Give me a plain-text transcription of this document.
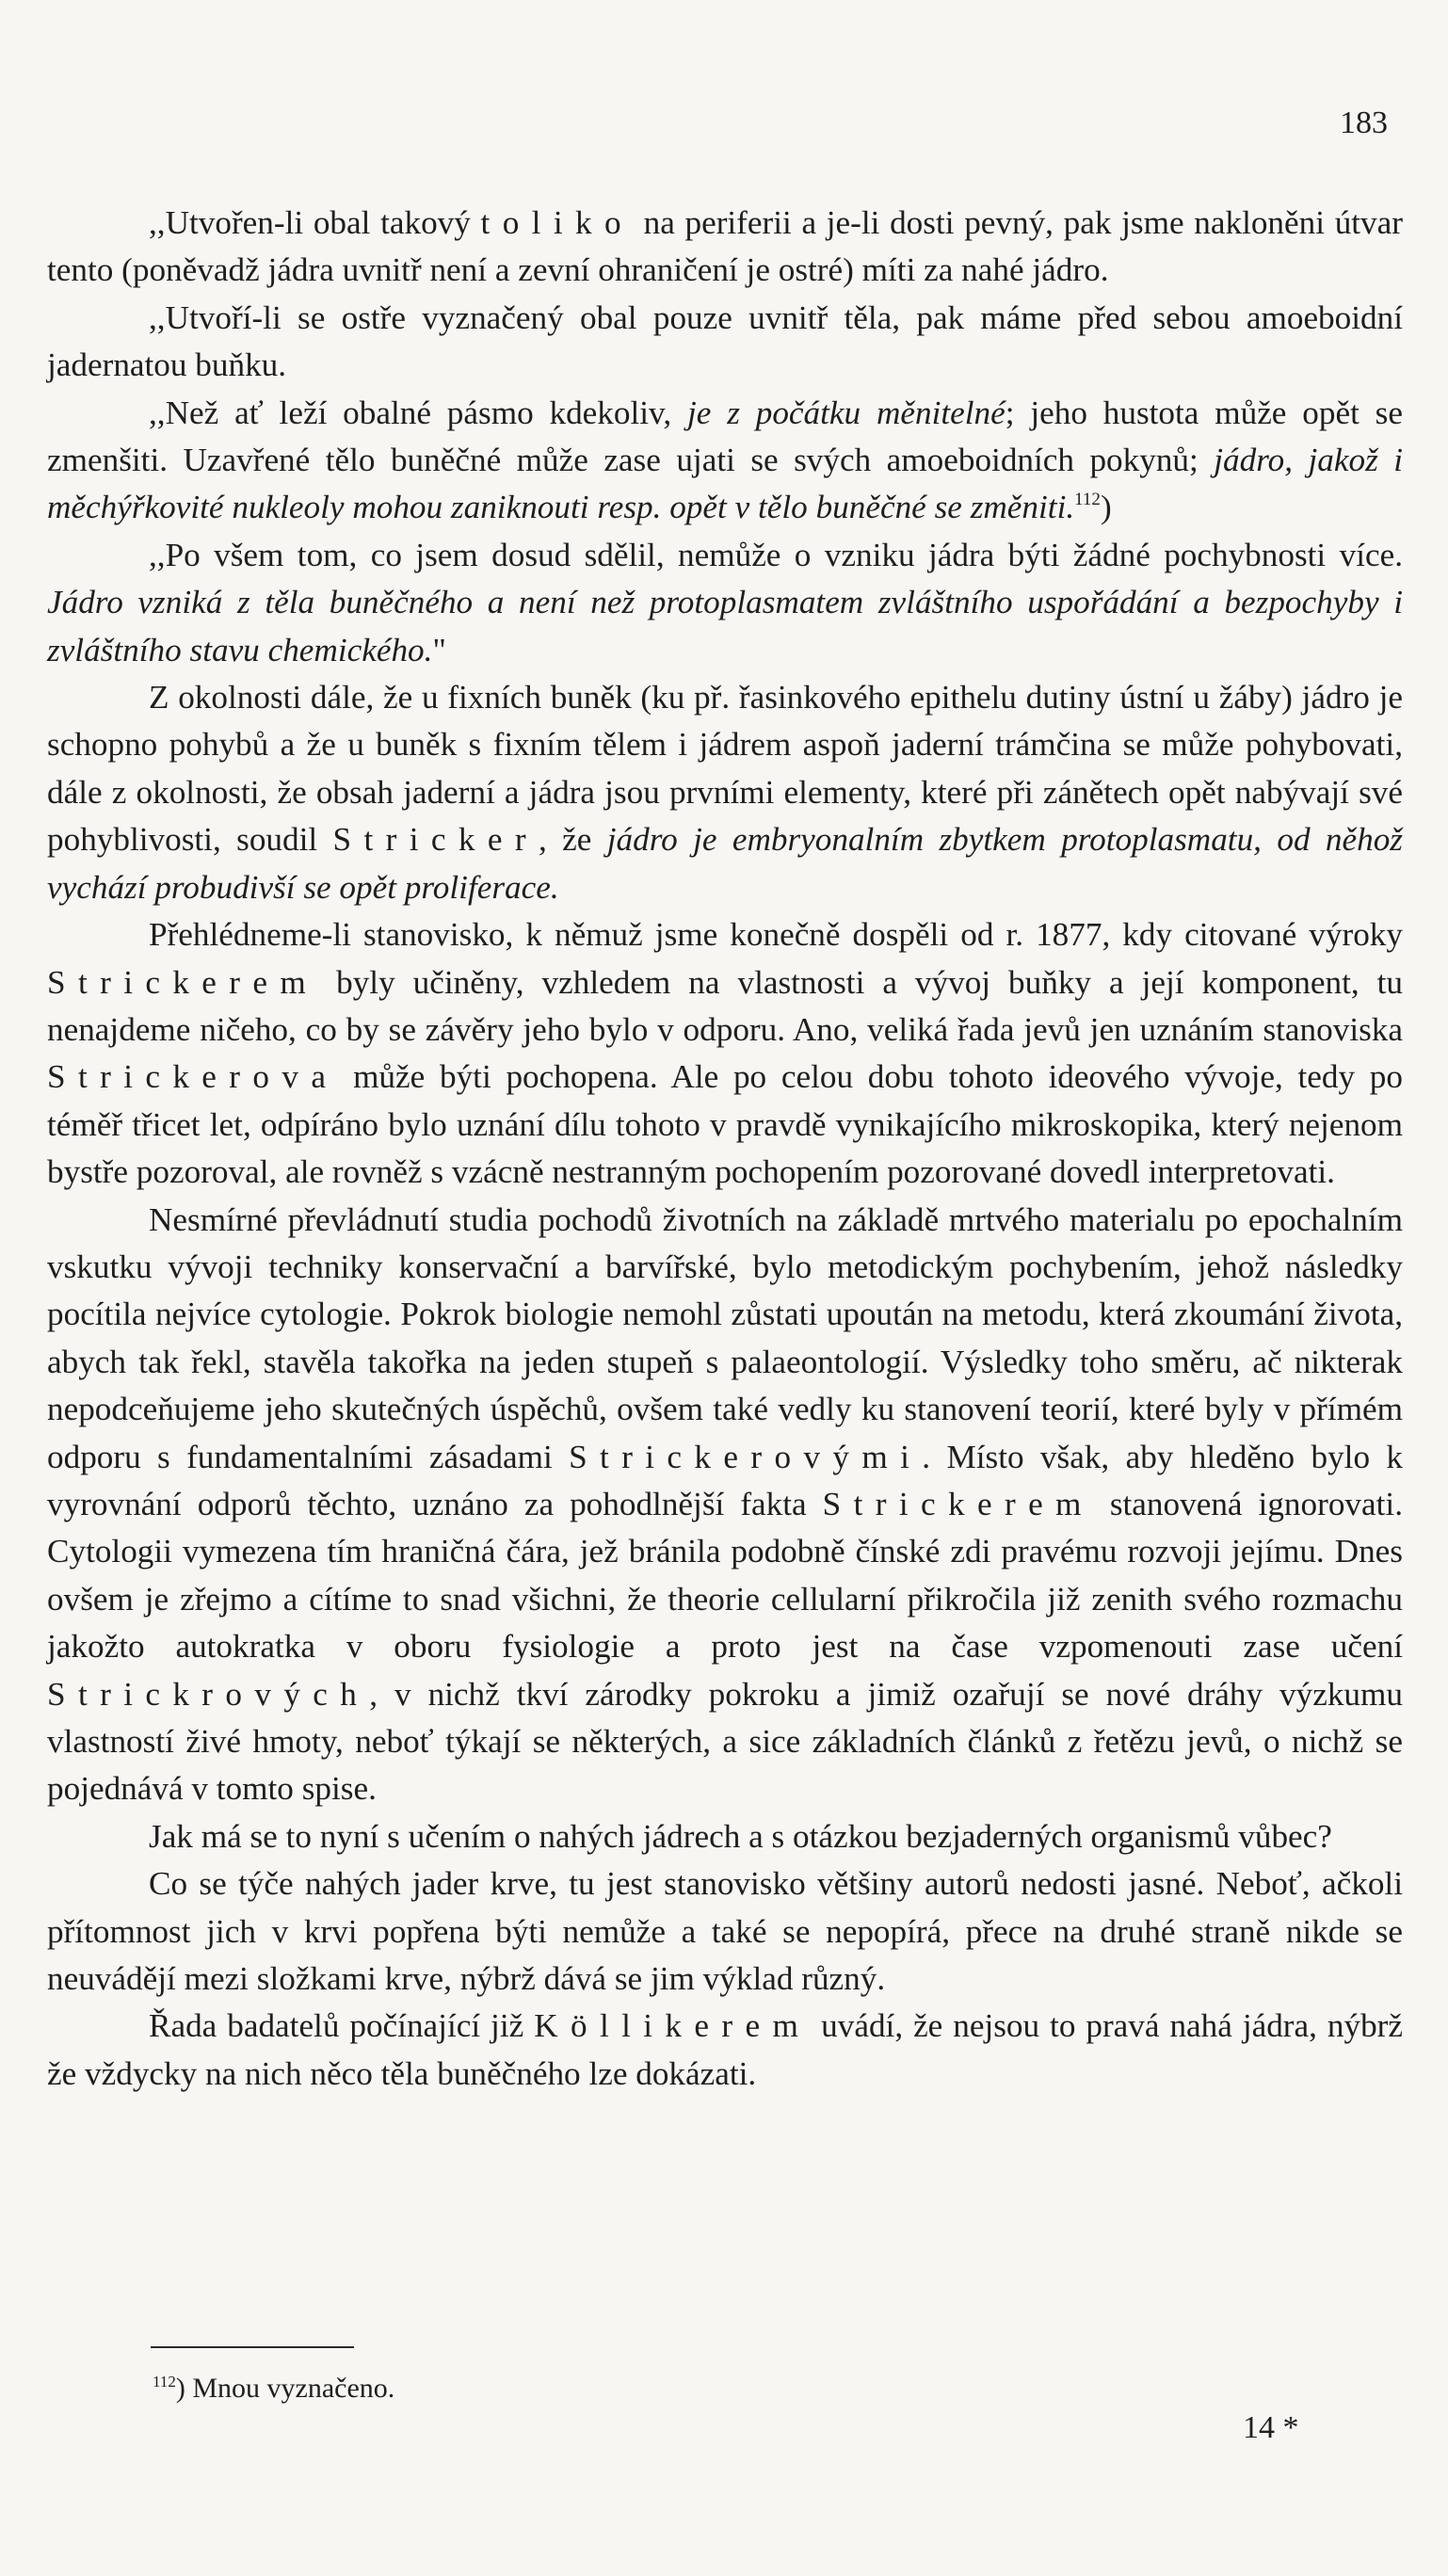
183

,,Utvořen-li obal takový toliko na periferii a je-li dosti pevný, pak jsme nakloněni útvar tento (poněvadž jádra uvnitř není a zevní ohraničení je ostré) míti za nahé jádro.

,,Utvoří-li se ostře vyznačený obal pouze uvnitř těla, pak máme před sebou amoeboidní jadernatou buňku.

,,Než ať leží obalné pásmo kdekoliv, je z počátku měnitelné; jeho hustota může opět se zmenšiti. Uzavřené tělo buněčné může zase ujati se svých amoeboidních pokynů; jádro, jakož i měchýřkovité nukleoly mohou zaniknouti resp. opět v tělo buněčné se změniti.$^{112}$)

,,Po všem tom, co jsem dosud sdělil, nemůže o vzniku jádra býti žádné pochybnosti více. Jádro vzniká z těla buněčného a není než protoplasmatem zvláštního uspořádání a bezpochyby i zvláštního stavu chemického."

Z okolnosti dále, že u fixních buněk (ku př. řasinkového epithelu dutiny ústní u žáby) jádro je schopno pohybů a že u buněk s fixním tělem i jádrem aspoň jaderní trámčina se může pohybovati, dále z okolnosti, že obsah jaderní a jádra jsou prvními elementy, které při zánětech opět nabývají své pohyblivosti, soudil Stricker, že jádro je embryonalním zbytkem protoplasmatu, od něhož vychází probudivší se opět proliferace.

Přehlédneme-li stanovisko, k němuž jsme konečně dospěli od r. 1877, kdy citované výroky Strickerem byly učiněny, vzhledem na vlastnosti a vývoj buňky a její komponent, tu nenajdeme ničeho, co by se závěry jeho bylo v odporu. Ano, veliká řada jevů jen uznáním stanoviska Strickerova může býti pochopena. Ale po celou dobu tohoto ideového vývoje, tedy po téměř třicet let, odpíráno bylo uznání dílu tohoto v pravdě vynikajícího mikroskopika, který nejenom bystře pozoroval, ale rovněž s vzácně nestranným pochopením pozorované dovedl interpretovati.

Nesmírné převládnutí studia pochodů životních na základě mrtvého materialu po epochalním vskutku vývoji techniky konservační a barvířské, bylo metodickým pochybením, jehož následky pocítila nejvíce cytologie. Pokrok biologie nemohl zůstati upoután na metodu, která zkoumání života, abych tak řekl, stavěla takořka na jeden stupeň s palaeontologií. Výsledky toho směru, ač nikterak nepodceňujeme jeho skutečných úspěchů, ovšem také vedly ku stanovení teorií, které byly v přímém odporu s fundamentalními zásadami Strickerovými. Místo však, aby hleděno bylo k vyrovnání odporů těchto, uznáno za pohodlnější fakta Strickerem stanovená ignorovati. Cytologii vymezena tím hraničná čára, jež bránila podobně čínské zdi pravému rozvoji jejímu. Dnes ovšem je zřejmo a cítíme to snad všichni, že theorie cellularní přikročila již zenith svého rozmachu jakožto autokratka v oboru fysiologie a proto jest na čase vzpomenouti zase učení Strickrových, v nichž tkví zárodky pokroku a jimiž ozařují se nové dráhy výzkumu vlastností živé hmoty, neboť týkají se některých, a sice základních článků z řetězu jevů, o nichž se pojednává v tomto spise.

Jak má se to nyní s učením o nahých jádrech a s otázkou bezjaderných organismů vůbec?

Co se týče nahých jader krve, tu jest stanovisko většiny autorů nedosti jasné. Neboť, ačkoli přítomnost jich v krvi popřena býti nemůže a také se nepopírá, přece na druhé straně nikde se neuvádějí mezi složkami krve, nýbrž dává se jim výklad různý.

Řada badatelů počínající již Köllikerem uvádí, že nejsou to pravá nahá jádra, nýbrž že vždycky na nich něco těla buněčného lze dokázati.

$^{112}$) Mnou vyznačeno.
14 *
